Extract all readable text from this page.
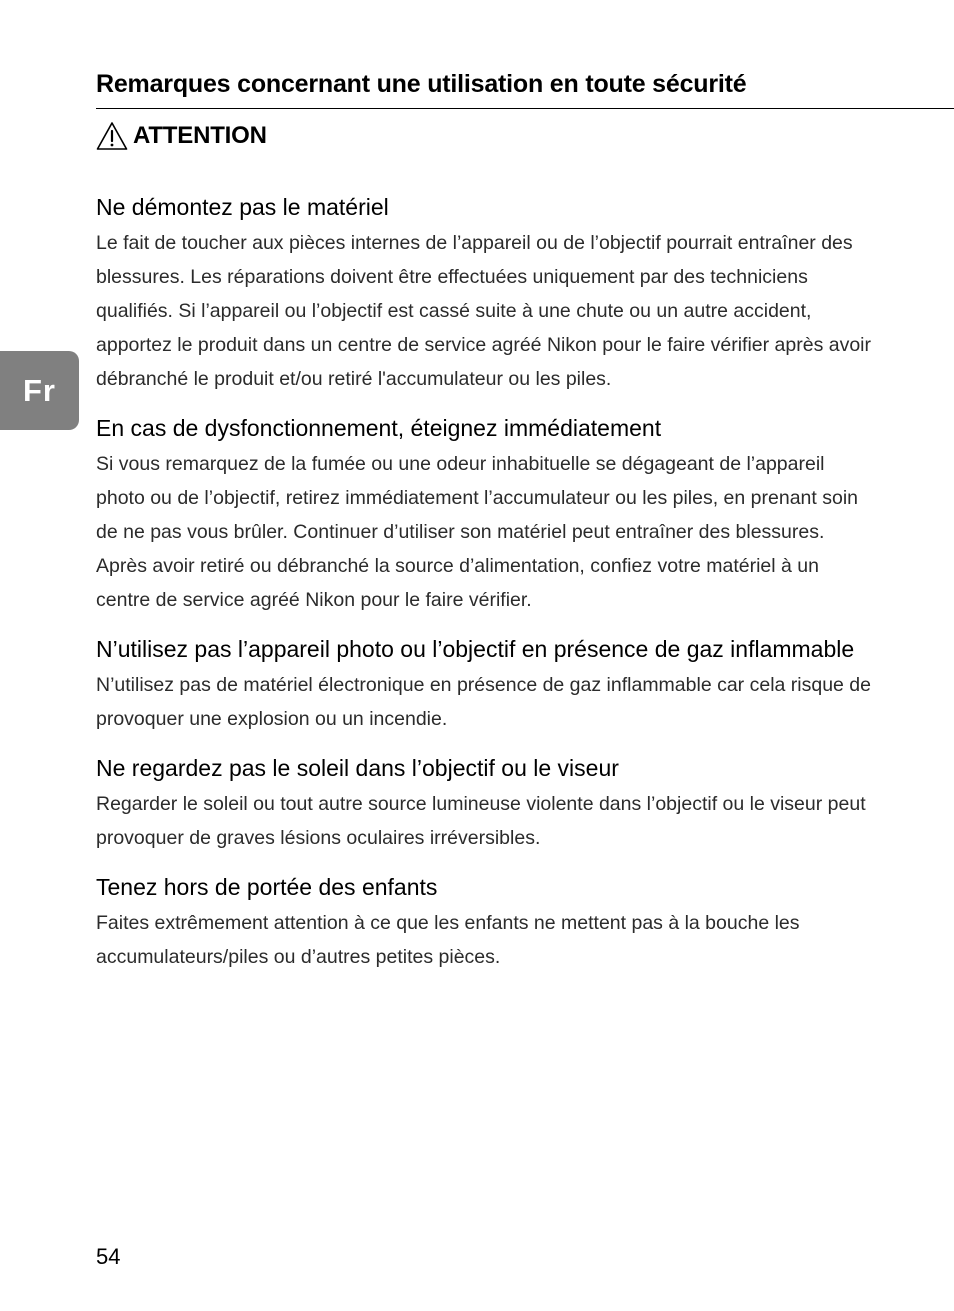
Remarques concernant une utilisation en toute sécurité
ATTENTION
Fr
Ne démontez pas le matériel

Le fait de toucher aux pièces internes de l’appareil ou de l’objectif pourrait entraîner des blessures. Les réparations doivent être effectuées uniquement par des techniciens qualifiés. Si l’appareil ou l’objectif est cassé suite à une chute ou un autre accident, apportez le produit dans un centre de service agréé Nikon pour le faire vérifier après avoir débranché le produit et/ou retiré l'accumulateur ou les piles.

En cas de dysfonctionnement, éteignez immédiatement

Si vous remarquez de la fumée ou une odeur inhabituelle se dégageant de l’appareil photo ou de l’objectif, retirez immédiatement l’accumulateur ou les piles, en prenant soin de ne pas vous brûler. Continuer d’utiliser son matériel peut entraîner des blessures. Après avoir retiré ou débranché la source d’alimentation, confiez votre matériel à un centre de service agréé Nikon pour le faire vérifier.

N’utilisez pas l’appareil photo ou l’objectif en présence de gaz inflammable

N’utilisez pas de matériel électronique en présence de gaz inflammable car cela risque de provoquer une explosion ou un incendie.

Ne regardez pas le soleil dans l’objectif ou le viseur

Regarder le soleil ou tout autre source lumineuse violente dans l’objectif ou le viseur peut provoquer de graves lésions oculaires irréversibles.

Tenez hors de portée des enfants

Faites extrêmement attention à ce que les enfants ne mettent pas à la bouche les accumulateurs/piles ou d’autres petites pièces.

54
